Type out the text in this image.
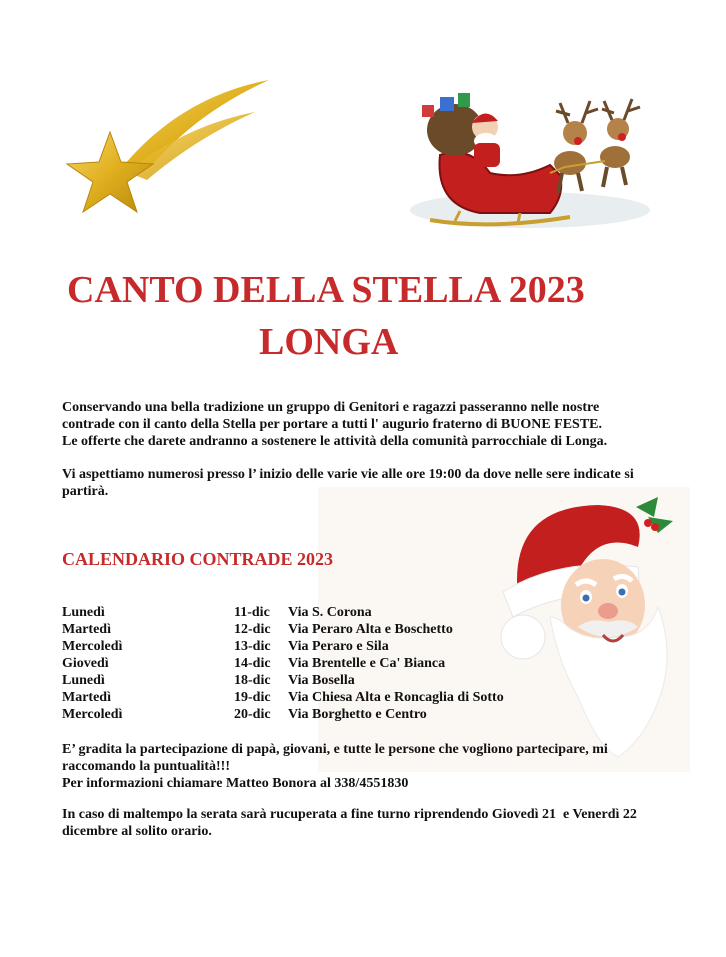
CANTO DELLA STELLA 2023
LONGA
Conservando una bella tradizione un gruppo di Genitori e ragazzi passeranno nelle nostre
contrade con il canto della Stella per portare a tutti l' augurio fraterno di BUONE FESTE.
Le offerte che darete andranno a sostenere le attività della comunità parrocchiale di Longa.
Vi aspettiamo numerosi presso l’ inizio delle varie vie alle ore 19:00 da dove nelle sere indicate si
partirà.
CALENDARIO CONTRADE 2023
Lunedì	11-dic Via S. Corona
Martedì	12-dic Via Peraro Alta e Boschetto
Mercoledì	13-dic Via Peraro e Sila
Giovedì	14-dic Via Brentelle e Ca' Bianca
Lunedì	18-dic Via Bosella
Martedì	19-dic Via Chiesa Alta e Roncaglia di Sotto
Mercoledì	20-dic Via Borghetto e Centro
E’ gradita la partecipazione di papà, giovani, e tutte le persone che vogliono partecipare, mi
raccomando la puntualità!!!
Per informazioni chiamare Matteo Bonora al 338/4551830
In caso di maltempo la serata sarà rucuperata a fine turno riprendendo Giovedì 21  e Venerdì 22
dicembre al solito orario.
